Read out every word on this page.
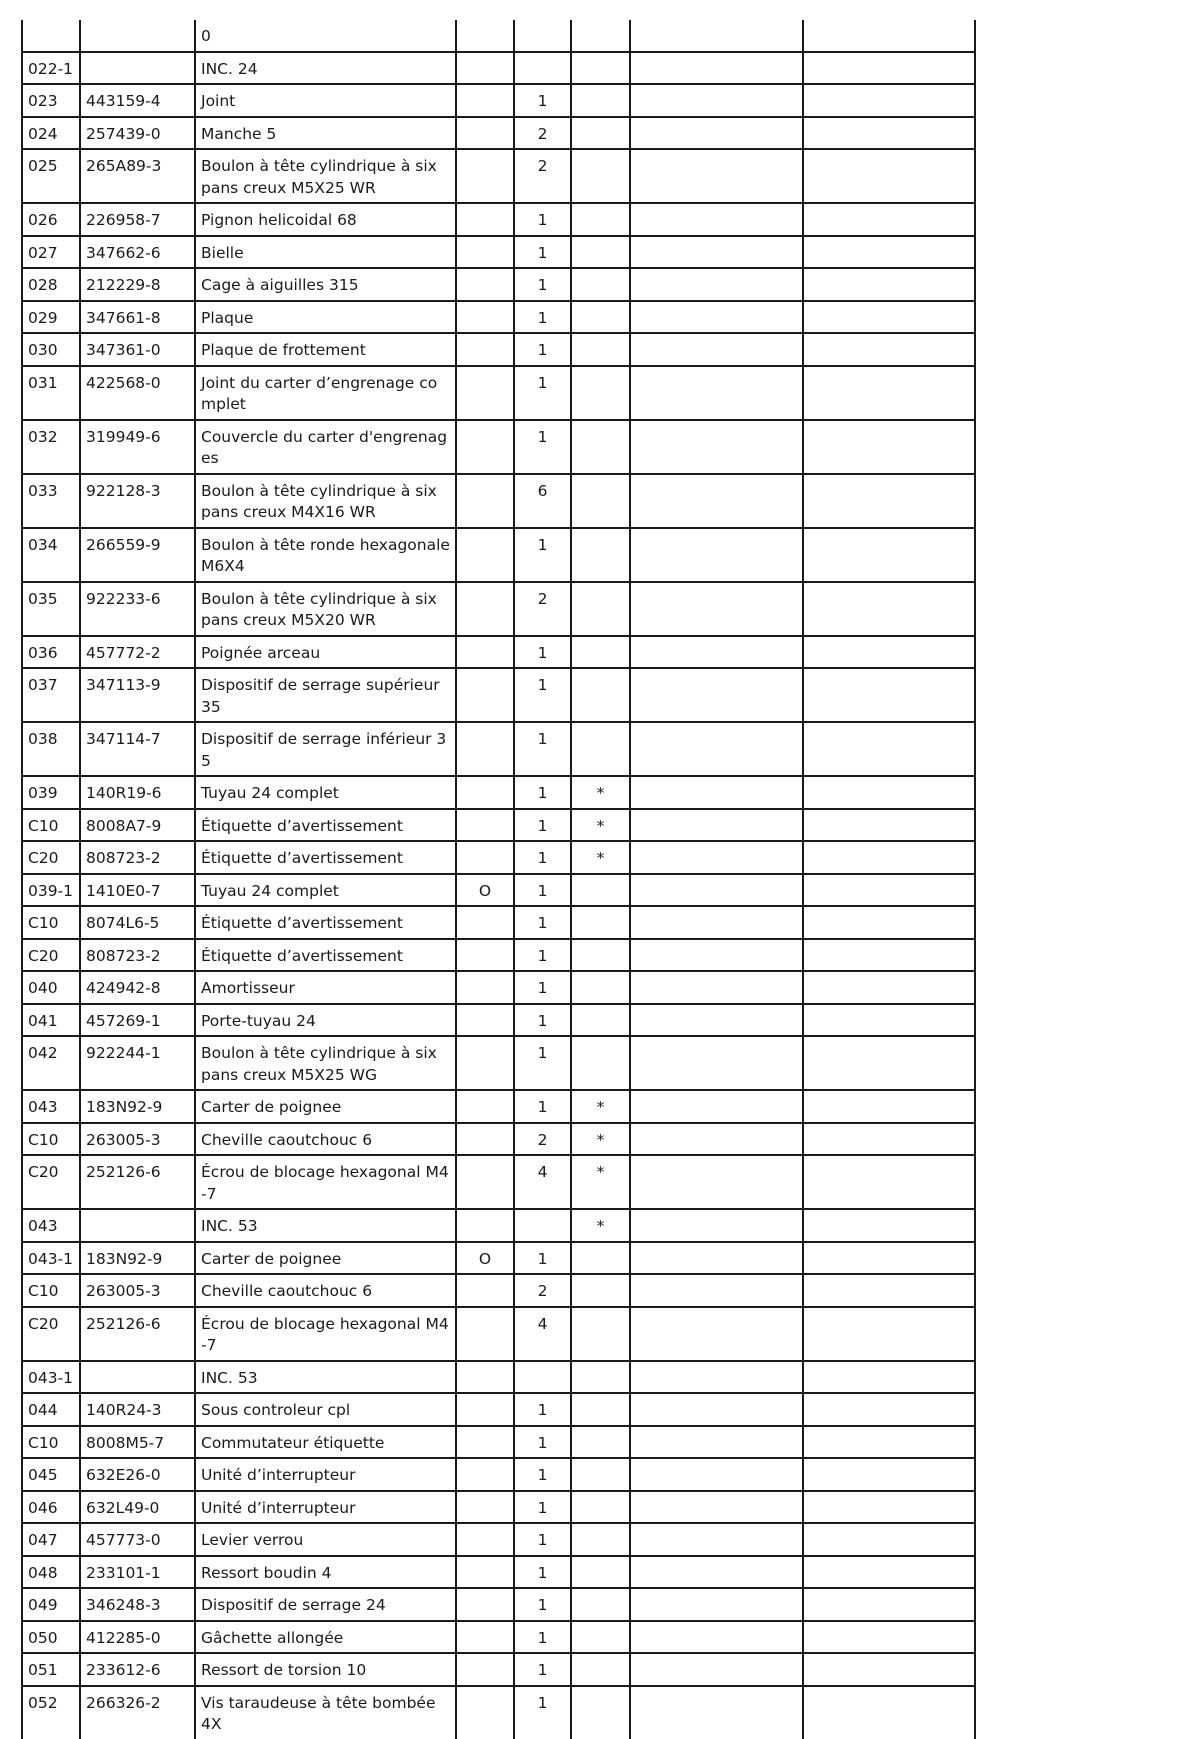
		0					
022-1		INC. 24					
023	443159-4	Joint		1			
024	257439-0	Manche 5		2			
025	265A89-3	Boulon à tête cylindrique à six pans creux M5X25 WR		2			
026	226958-7	Pignon helicoidal 68		1			
027	347662-6	Bielle		1			
028	212229-8	Cage à aiguilles 315		1			
029	347661-8	Plaque		1			
030	347361-0	Plaque de frottement		1			
031	422568-0	Joint du carter d’engrenage complet		1			
032	319949-6	Couvercle du carter d'engrenages		1			
033	922128-3	Boulon à tête cylindrique à six pans creux M4X16 WR		6			
034	266559-9	Boulon à tête ronde hexagonale M6X4		1			
035	922233-6	Boulon à tête cylindrique à six pans creux M5X20 WR		2			
036	457772-2	Poignée arceau		1			
037	347113-9	Dispositif de serrage supérieur 35		1			
038	347114-7	Dispositif de serrage inférieur 35		1			
039	140R19-6	Tuyau 24 complet		1	*		
C10	8008A7-9	Étiquette d’avertissement		1	*		
C20	808723-2	Étiquette d’avertissement		1	*		
039-1	1410E0-7	Tuyau 24 complet	O	1			
C10	8074L6-5	Étiquette d’avertissement		1			
C20	808723-2	Étiquette d’avertissement		1			
040	424942-8	Amortisseur		1			
041	457269-1	Porte-tuyau 24		1			
042	922244-1	Boulon à tête cylindrique à six pans creux M5X25 WG		1			
043	183N92-9	Carter de poignee		1	*		
C10	263005-3	Cheville caoutchouc 6		2	*		
C20	252126-6	Écrou de blocage hexagonal M4-7		4	*		
043		INC. 53			*		
043-1	183N92-9	Carter de poignee	O	1			
C10	263005-3	Cheville caoutchouc 6		2			
C20	252126-6	Écrou de blocage hexagonal M4-7		4			
043-1		INC. 53					
044	140R24-3	Sous controleur cpl		1			
C10	8008M5-7	Commutateur étiquette		1			
045	632E26-0	Unité d’interrupteur		1			
046	632L49-0	Unité d’interrupteur		1			
047	457773-0	Levier verrou		1			
048	233101-1	Ressort boudin 4		1			
049	346248-3	Dispositif de serrage 24		1			
050	412285-0	Gâchette allongée		1			
051	233612-6	Ressort de torsion 10		1			
052	266326-2	Vis taraudeuse à tête bombée 4X		1			
